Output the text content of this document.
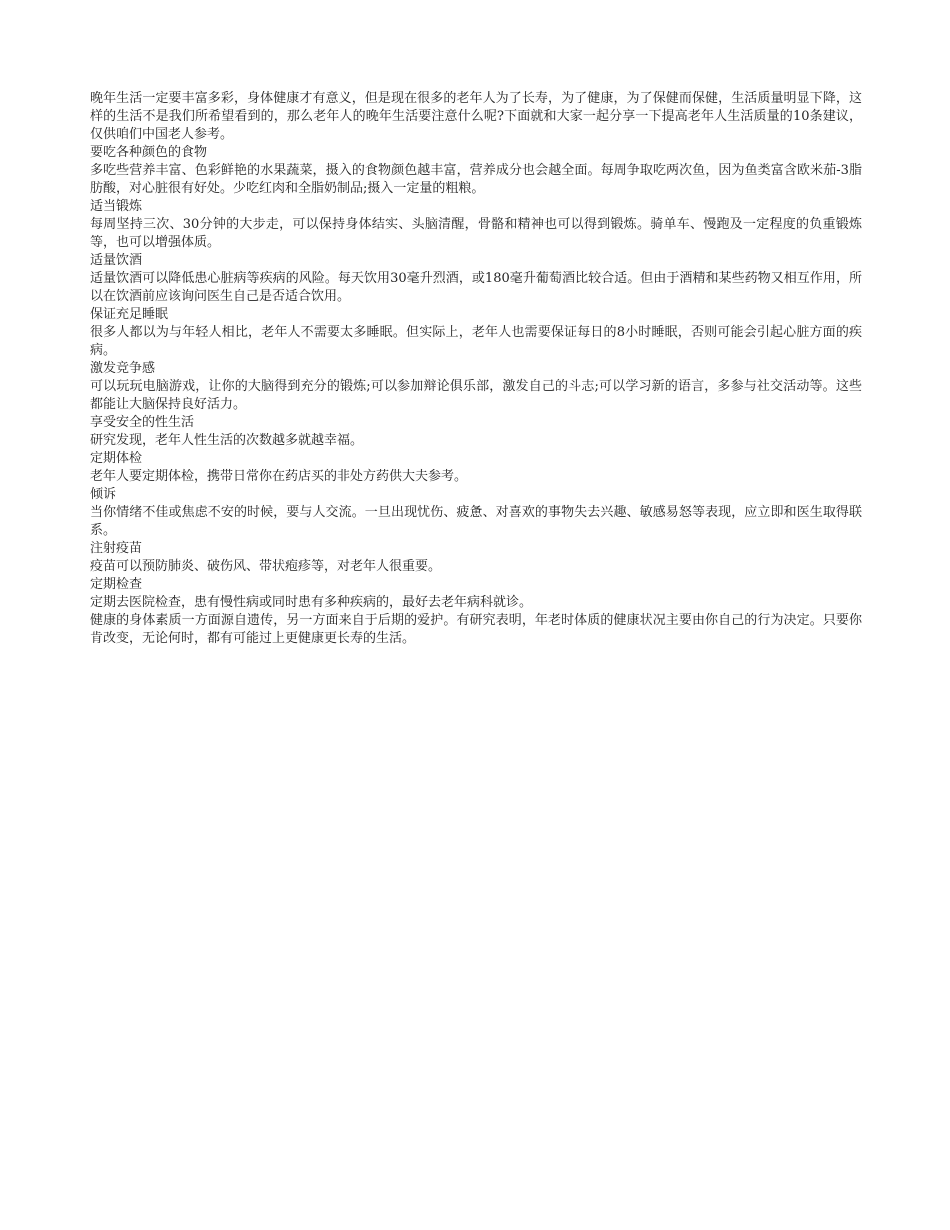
晚年生活一定要丰富多彩，身体健康才有意义，但是现在很多的老年人为了长寿，为了健康，为了保健而保健，生活质量明显下降，这样的生活不是我们所希望看到的，那么老年人的晚年生活要注意什么呢?下面就和大家一起分享一下提高老年人生活质量的10条建议，仅供咱们中国老人参考。

要吃各种颜色的食物

多吃些营养丰富、色彩鲜艳的水果蔬菜，摄入的食物颜色越丰富，营养成分也会越全面。每周争取吃两次鱼，因为鱼类富含欧米茄-3脂肪酸，对心脏很有好处。少吃红肉和全脂奶制品;摄入一定量的粗粮。

适当锻炼

每周坚持三次、30分钟的大步走，可以保持身体结实、头脑清醒，骨骼和精神也可以得到锻炼。骑单车、慢跑及一定程度的负重锻炼等，也可以增强体质。

适量饮酒

适量饮酒可以降低患心脏病等疾病的风险。每天饮用30毫升烈酒，或180毫升葡萄酒比较合适。但由于酒精和某些药物又相互作用，所以在饮酒前应该询问医生自己是否适合饮用。

保证充足睡眠

很多人都以为与年轻人相比，老年人不需要太多睡眠。但实际上，老年人也需要保证每日的8小时睡眠，否则可能会引起心脏方面的疾病。

激发竞争感

可以玩玩电脑游戏，让你的大脑得到充分的锻炼;可以参加辩论俱乐部，激发自己的斗志;可以学习新的语言，多参与社交活动等。这些都能让大脑保持良好活力。

享受安全的性生活

研究发现，老年人性生活的次数越多就越幸福。

定期体检

老年人要定期体检，携带日常你在药店买的非处方药供大夫参考。

倾诉

当你情绪不佳或焦虑不安的时候，要与人交流。一旦出现忧伤、疲惫、对喜欢的事物失去兴趣、敏感易怒等表现，应立即和医生取得联系。

注射疫苗

疫苗可以预防肺炎、破伤风、带状疱疹等，对老年人很重要。

定期检查

定期去医院检查，患有慢性病或同时患有多种疾病的，最好去老年病科就诊。

健康的身体素质一方面源自遗传，另一方面来自于后期的爱护。有研究表明，年老时体质的健康状况主要由你自己的行为决定。只要你肯改变，无论何时，都有可能过上更健康更长寿的生活。
